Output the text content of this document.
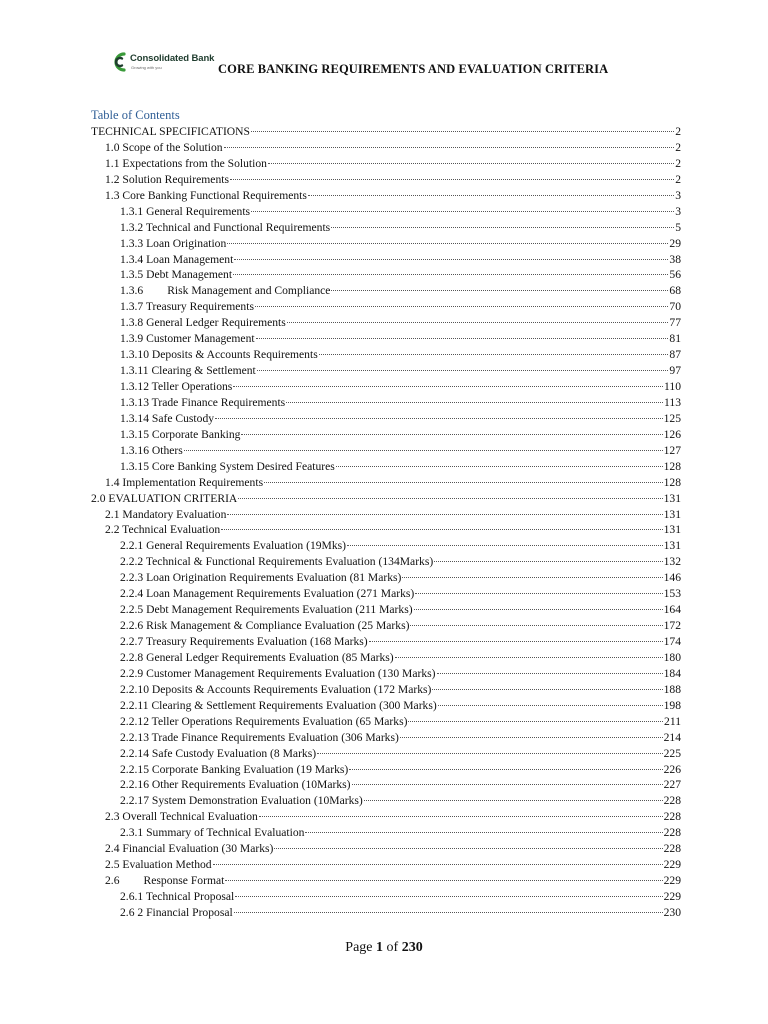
Consolidated Bank
Growing with you	CORE BANKING REQUIREMENTS AND EVALUATION CRITERIA
Table of Contents
TECHNICAL SPECIFICATIONS	2
1.0 Scope of the Solution	2
1.1 Expectations from the Solution	2
1.2 Solution Requirements	2
1.3 Core Banking Functional Requirements	3
1.3.1 General Requirements	3
1.3.2 Technical and Functional Requirements	5
1.3.3 Loan Origination	29
1.3.4 Loan Management	38
1.3.5 Debt Management	56
1.3.6	Risk Management and Compliance	68
1.3.7 Treasury Requirements	70
1.3.8 General Ledger Requirements	77
1.3.9 Customer Management	81
1.3.10 Deposits & Accounts Requirements	87
1.3.11 Clearing & Settlement	97
1.3.12 Teller Operations	110
1.3.13 Trade Finance Requirements	113
1.3.14 Safe Custody	125
1.3.15 Corporate Banking	126
1.3.16 Others	127
1.3.15 Core Banking System Desired Features	128
1.4 Implementation Requirements	128
2.0 EVALUATION CRITERIA	131
2.1 Mandatory Evaluation	131
2.2 Technical Evaluation	131
2.2.1 General Requirements Evaluation (19Mks)	131
2.2.2 Technical & Functional Requirements Evaluation (134Marks)	132
2.2.3 Loan Origination Requirements Evaluation (81 Marks)	146
2.2.4 Loan Management Requirements Evaluation (271 Marks)	153
2.2.5 Debt Management Requirements Evaluation (211 Marks)	164
2.2.6 Risk Management & Compliance Evaluation (25 Marks)	172
2.2.7 Treasury Requirements Evaluation (168 Marks)	174
2.2.8 General Ledger Requirements Evaluation (85 Marks)	180
2.2.9 Customer Management Requirements Evaluation (130 Marks)	184
2.2.10 Deposits & Accounts Requirements Evaluation (172 Marks)	188
2.2.11 Clearing & Settlement Requirements Evaluation (300 Marks)	198
2.2.12 Teller Operations Requirements Evaluation (65 Marks)	211
2.2.13 Trade Finance Requirements Evaluation (306 Marks)	214
2.2.14 Safe Custody Evaluation (8 Marks)	225
2.2.15 Corporate Banking Evaluation (19 Marks)	226
2.2.16 Other Requirements Evaluation (10Marks)	227
2.2.17 System Demonstration Evaluation (10Marks)	228
2.3 Overall Technical Evaluation	228
2.3.1 Summary of Technical Evaluation	228
2.4 Financial Evaluation (30 Marks)	228
2.5 Evaluation Method	229
2.6	Response Format	229
2.6.1 Technical Proposal	229
2.6 2 Financial Proposal	230
Page 1 of 230
